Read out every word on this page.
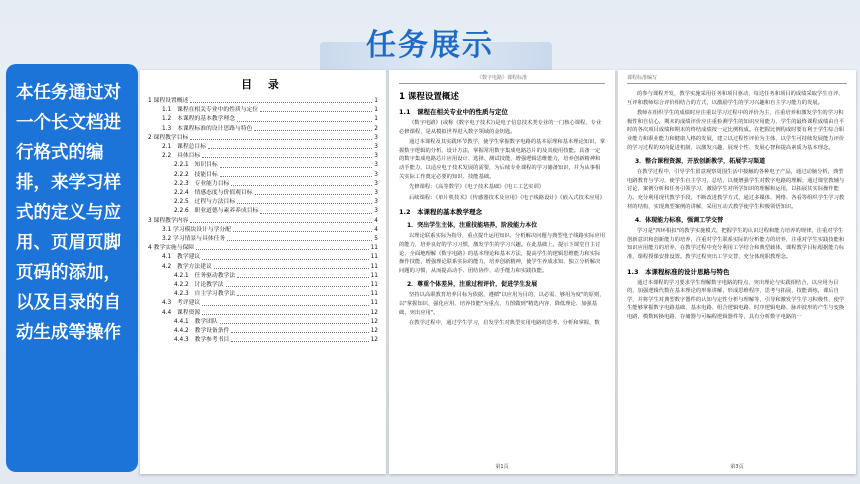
任务展示

本任务通过对一个长文档进行格式的编排，来学习样式的定义与应用、页眉页脚页码的添加，以及目录的自动生成等操作

目 录
1 课程设置概述	1
1.1　课程在相关专业中的性质与定位	1
1.2　本课程的基本教学理念	1
1.3　本课程标准的设计思路与特色	2
2 课程教学目标	3
2.1　课程总目标	3
2.2　具体目标	3
2.2.1　知识目标	3
2.2.2　技能目标	3
2.2.3　专业能力目标	3
2.2.4　情感态度与价值观目标	3
2.2.5　过程与方法目标	3
2.2.6　职业道德与素养养成目标	3
3 课程教学内容	4
3.1 学习模块设计与学分配	4
3.2 学习情景与具体任务	5
4 教学实施与保障	11
4.1　教学建议	11
4.2　教学方法建议	11
4.2.1　任务驱动教学法	11
4.2.2　讨论教学法	11
4.2.3　自主学习教学法	11
4.3　考评建议	11
4.4　课程资源	12
4.4.1　教学团队	12
4.4.2　教学设备条件	12
4.4.3　教学参考书目	12
《数字电路》课程标准
1 课程设置概述
1.1　课程在相关专业中的性质与定位

《数字电路》(或称《数字电子技术》)是电子信息技术类专业的一门核心课程，专业必修课程，是从模拟世界进入数字领域的金钥匙。

通过本课程及其实践环节教学，使学生掌握数字电路的基本原理和基本理论知识，掌握数字逻辑的分析、设计方法，掌握常用数字集成电路芯片的及其使用技能。具备一定的数字集成电路芯片应用设计、选择、测试技能，增强逻辑思维能力，培养创新精神和动手能力，以适应电子技术发展的需要，为后续专业课程的学习储备知识，并为从事相关实际工作奠定必要的知识、技能基础。

先修课程：《高等数学》《电子技术基础》《电工工艺实训》

后续课程：《单片机技术》《传感器技术及应用》《电子线路设计》《嵌入式技术应用》

1.2　本课程的基本教学理念
1．突出学生主体，注重技能培养，阶段能力本位

以理论联系实际为指导，重点提升运用知识、分析解决问题与典型电子线路实际应用的能力，培养良好的学习习惯，激发学生的学习兴趣。在此基础上，提示下课堂自主讨论、全面地理解《数字电路》的基本理论和基本方法，提高学生的逻辑思维能力和实际操作技能，增强理论联系实际的能力，培养创新精神，使学生养成求知、独立分析解决问题的习惯，从而提高动手、团结协作、动手能力和实践技能。

2．尊重个体差异，注重过程评价，促进学生发展

坚持以高职教育培养目标为依据，遵循"以应用为目的，以必需、够用为度"的原则，以"掌握知识、强化应用、培养技能"为重点，力图做到"精选内容、降低理论、加强基础、突出应用"。

在教学过程中，通过学生学习，启发学生对典型实用电路的思考、分析和掌握，数

第1页
课程标准编写

的参与课程开发，教学实施采用任务和项目驱动，每达任务和项目的成绩采取学生自评、互评和教师综合评价相结合的方式，以激励学生的学习兴趣和自主学习能力的发展。

教师在组织学生的成绩时应注重以学习过程中的评价为主，注重培养和激发学生的学习积极性和自信心，期末的成绩评价应注重检测学生的知识应用能力、学生的最终课程成绩由自平时的各次项目成绩和期末的终结成绩按一定比例构成。在把握比例构成时要有利于学生综合职业能力和职业能力和健康人格的发展，建立以过程性评价为主体、以学生可持续发展能力评价的学习过程的双向促进机制，以激发兴趣、展现个性、发展心智和提高素质为基本理念。

3．整合课程资源，开放创新教学，拓展学习渠道

在教学过程中，引导学生留意观察周围生活中接触的各种电子产品，通过动脑分析，典型电路教育与学习，使学生自主学习，总结，以便增强学生对数字电路的理解；通过课堂教辅与讨论，案例分析和任务引领学习，激励学生对所学知识的理解和运用，以拓展其实际操作能力。充分利用现代教学手段，不断改进教学方式，通过多媒体、网络、各看等组织学生学习教材的结构，实现典型案例的讲解，采用互动式教学使学生积极领悟知识。

4．体现能力标准，强调工学交替

学习是"四环相扣"的教学实施模式，把握学生的认识过程和能力培养的规律，注重对学生创新意识和创新能力的培养，注重对学生联系实际的分析能力的培养，注重对学生实践技能和知识应用能力的培养，在教学过程中充分利用工学结合和典型载体，课程教学目标根据能力标准，课程授课安排设置。教学过程突出工学交替，充分体现职教理念。

1.3　本课程标准的设计思路与特色

通过本课程的学习要求学生理解数字电路的特点，突出理论与实践相结合，以应用为目的，加强逻辑代数在基本理论的形象讲解，形成思维程序，思考与拓展，技能训练，课后自学，并将学生对典型数字器件的认知与定性分析与理解等，引导和激发学生学习积极性，使学生能够掌握数字电路基础、基本电路、组合逻辑电路、时序逻辑电路、脉冲波形的产生与变换电路，模数转换电路、存储器与可编程逻辑器件等，具有分析数字电路的一

第3页
